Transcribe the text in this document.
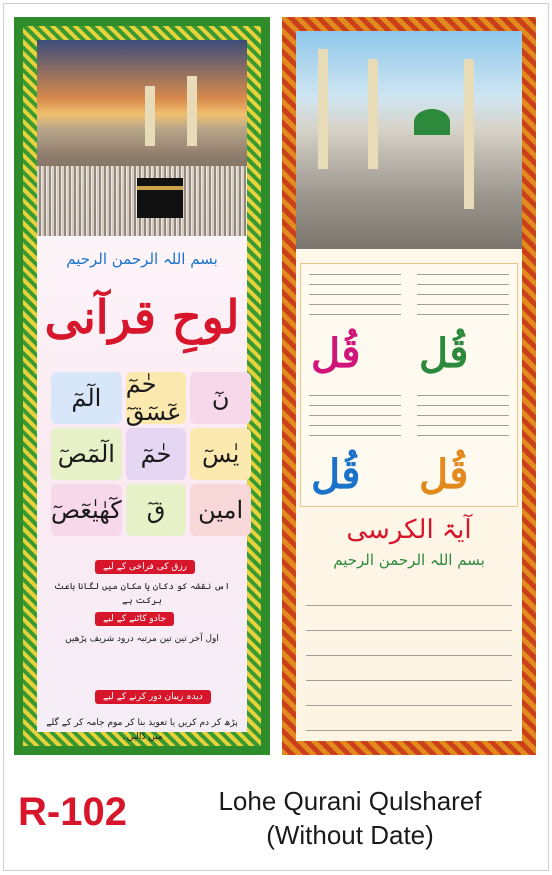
بسم اللہ الرحمن الرحیم
لوحِ قرآنی
الٓمٓ	حٰمٓ عٓسٓقٓ	نٓ
الٓمٓصٓ	حٰمٓ	یٰسٓ
کٓھٰیٰعٓصٓ	قٓ	امین
رزق کی فراخی کے لیے
اس نقشہ کو دکان یا مکان میں لگانا باعث برکت ہے
جادو کاٹنے کے لیے
اول آخر تین تین مرتبہ درود شریف پڑھیں
دیدہ زیبان دور کرنے کے لیے
پڑھ کر دم کریں یا تعویذ بنا کر موم جامہ کر کے گلے میں ڈالیں۔
قُل قُل
قُل قُل
آیۃ الکرسی
بسم اللہ الرحمن الرحیم
R-102	Lohe Qurani Qulsharef
(Without Date)
